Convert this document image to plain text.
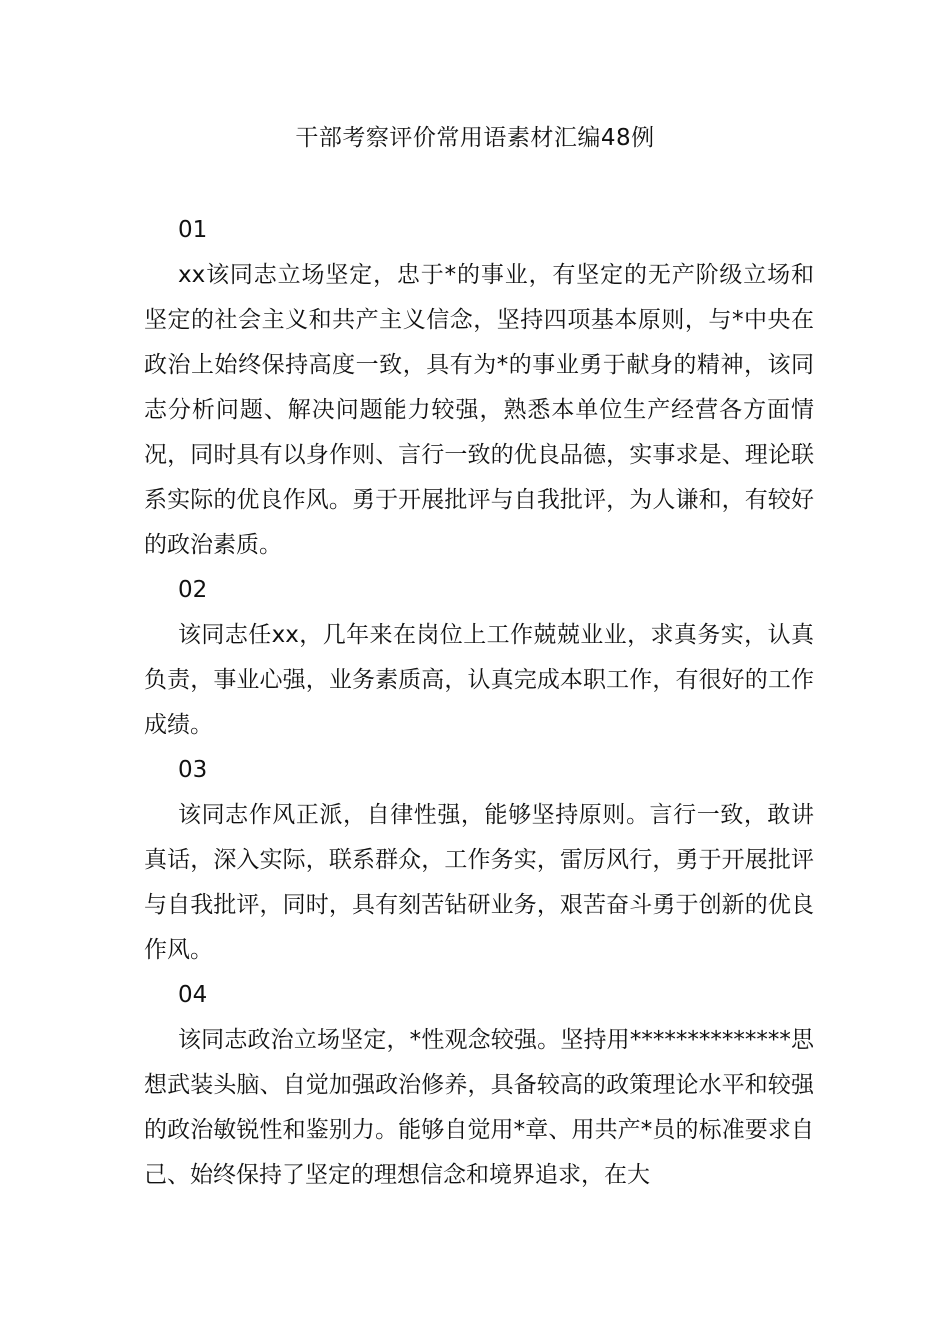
干部考察评价常用语素材汇编48例
01
xx该同志立场坚定，忠于*的事业，有坚定的无产阶级立场和坚定的社会主义和共产主义信念，坚持四项基本原则，与*中央在政治上始终保持高度一致，具有为*的事业勇于献身的精神，该同志分析问题、解决问题能力较强，熟悉本单位生产经营各方面情况，同时具有以身作则、言行一致的优良品德，实事求是、理论联系实际的优良作风。勇于开展批评与自我批评，为人谦和，有较好的政治素质。
02
该同志任xx，几年来在岗位上工作兢兢业业，求真务实，认真负责，事业心强，业务素质高，认真完成本职工作，有很好的工作成绩。
03
该同志作风正派，自律性强，能够坚持原则。言行一致，敢讲真话，深入实际，联系群众，工作务实，雷厉风行，勇于开展批评与自我批评，同时，具有刻苦钻研业务，艰苦奋斗勇于创新的优良作风。
04
该同志政治立场坚定，*性观念较强。坚持用**************思想武装头脑、自觉加强政治修养，具备较高的政策理论水平和较强的政治敏锐性和鉴别力。能够自觉用*章、用共产*员的标准要求自己、始终保持了坚定的理想信念和境界追求，在大
